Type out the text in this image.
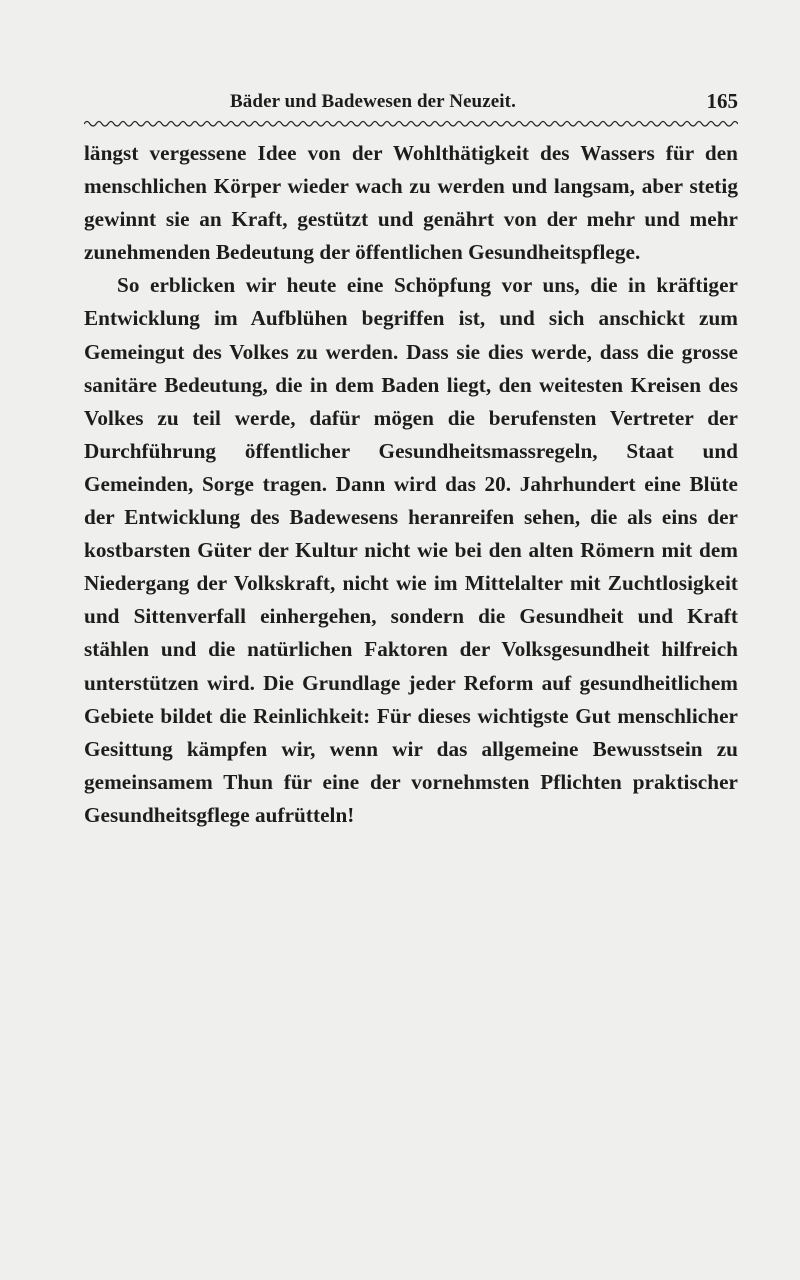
Bäder und Badewesen der Neuzeit.	165

längst vergessene Idee von der Wohlthätigkeit des Wassers für den menschlichen Körper wieder wach zu werden und langsam, aber stetig gewinnt sie an Kraft, gestützt und genährt von der mehr und mehr zunehmenden Bedeutung der öffentlichen Gesundheitspflege.

So erblicken wir heute eine Schöpfung vor uns, die in kräftiger Entwicklung im Aufblühen begriffen ist, und sich anschickt zum Gemeingut des Volkes zu werden. Dass sie dies werde, dass die grosse sanitäre Bedeutung, die in dem Baden liegt, den weitesten Kreisen des Volkes zu teil werde, dafür mögen die berufensten Vertreter der Durchführung öffentlicher Gesundheitsmassregeln, Staat und Gemeinden, Sorge tragen. Dann wird das 20. Jahrhundert eine Blüte der Entwicklung des Badewesens heranreifen sehen, die als eins der kostbarsten Güter der Kultur nicht wie bei den alten Römern mit dem Niedergang der Volkskraft, nicht wie im Mittelalter mit Zuchtlosigkeit und Sittenverfall einhergehen, sondern die Gesundheit und Kraft stählen und die natürlichen Faktoren der Volksgesundheit hilfreich unterstützen wird. Die Grundlage jeder Reform auf gesundheitlichem Gebiete bildet die Reinlichkeit: Für dieses wichtigste Gut menschlicher Gesittung kämpfen wir, wenn wir das allgemeine Bewusstsein zu gemeinsamem Thun für eine der vornehmsten Pflichten praktischer Gesundheitsgflege aufrütteln!
